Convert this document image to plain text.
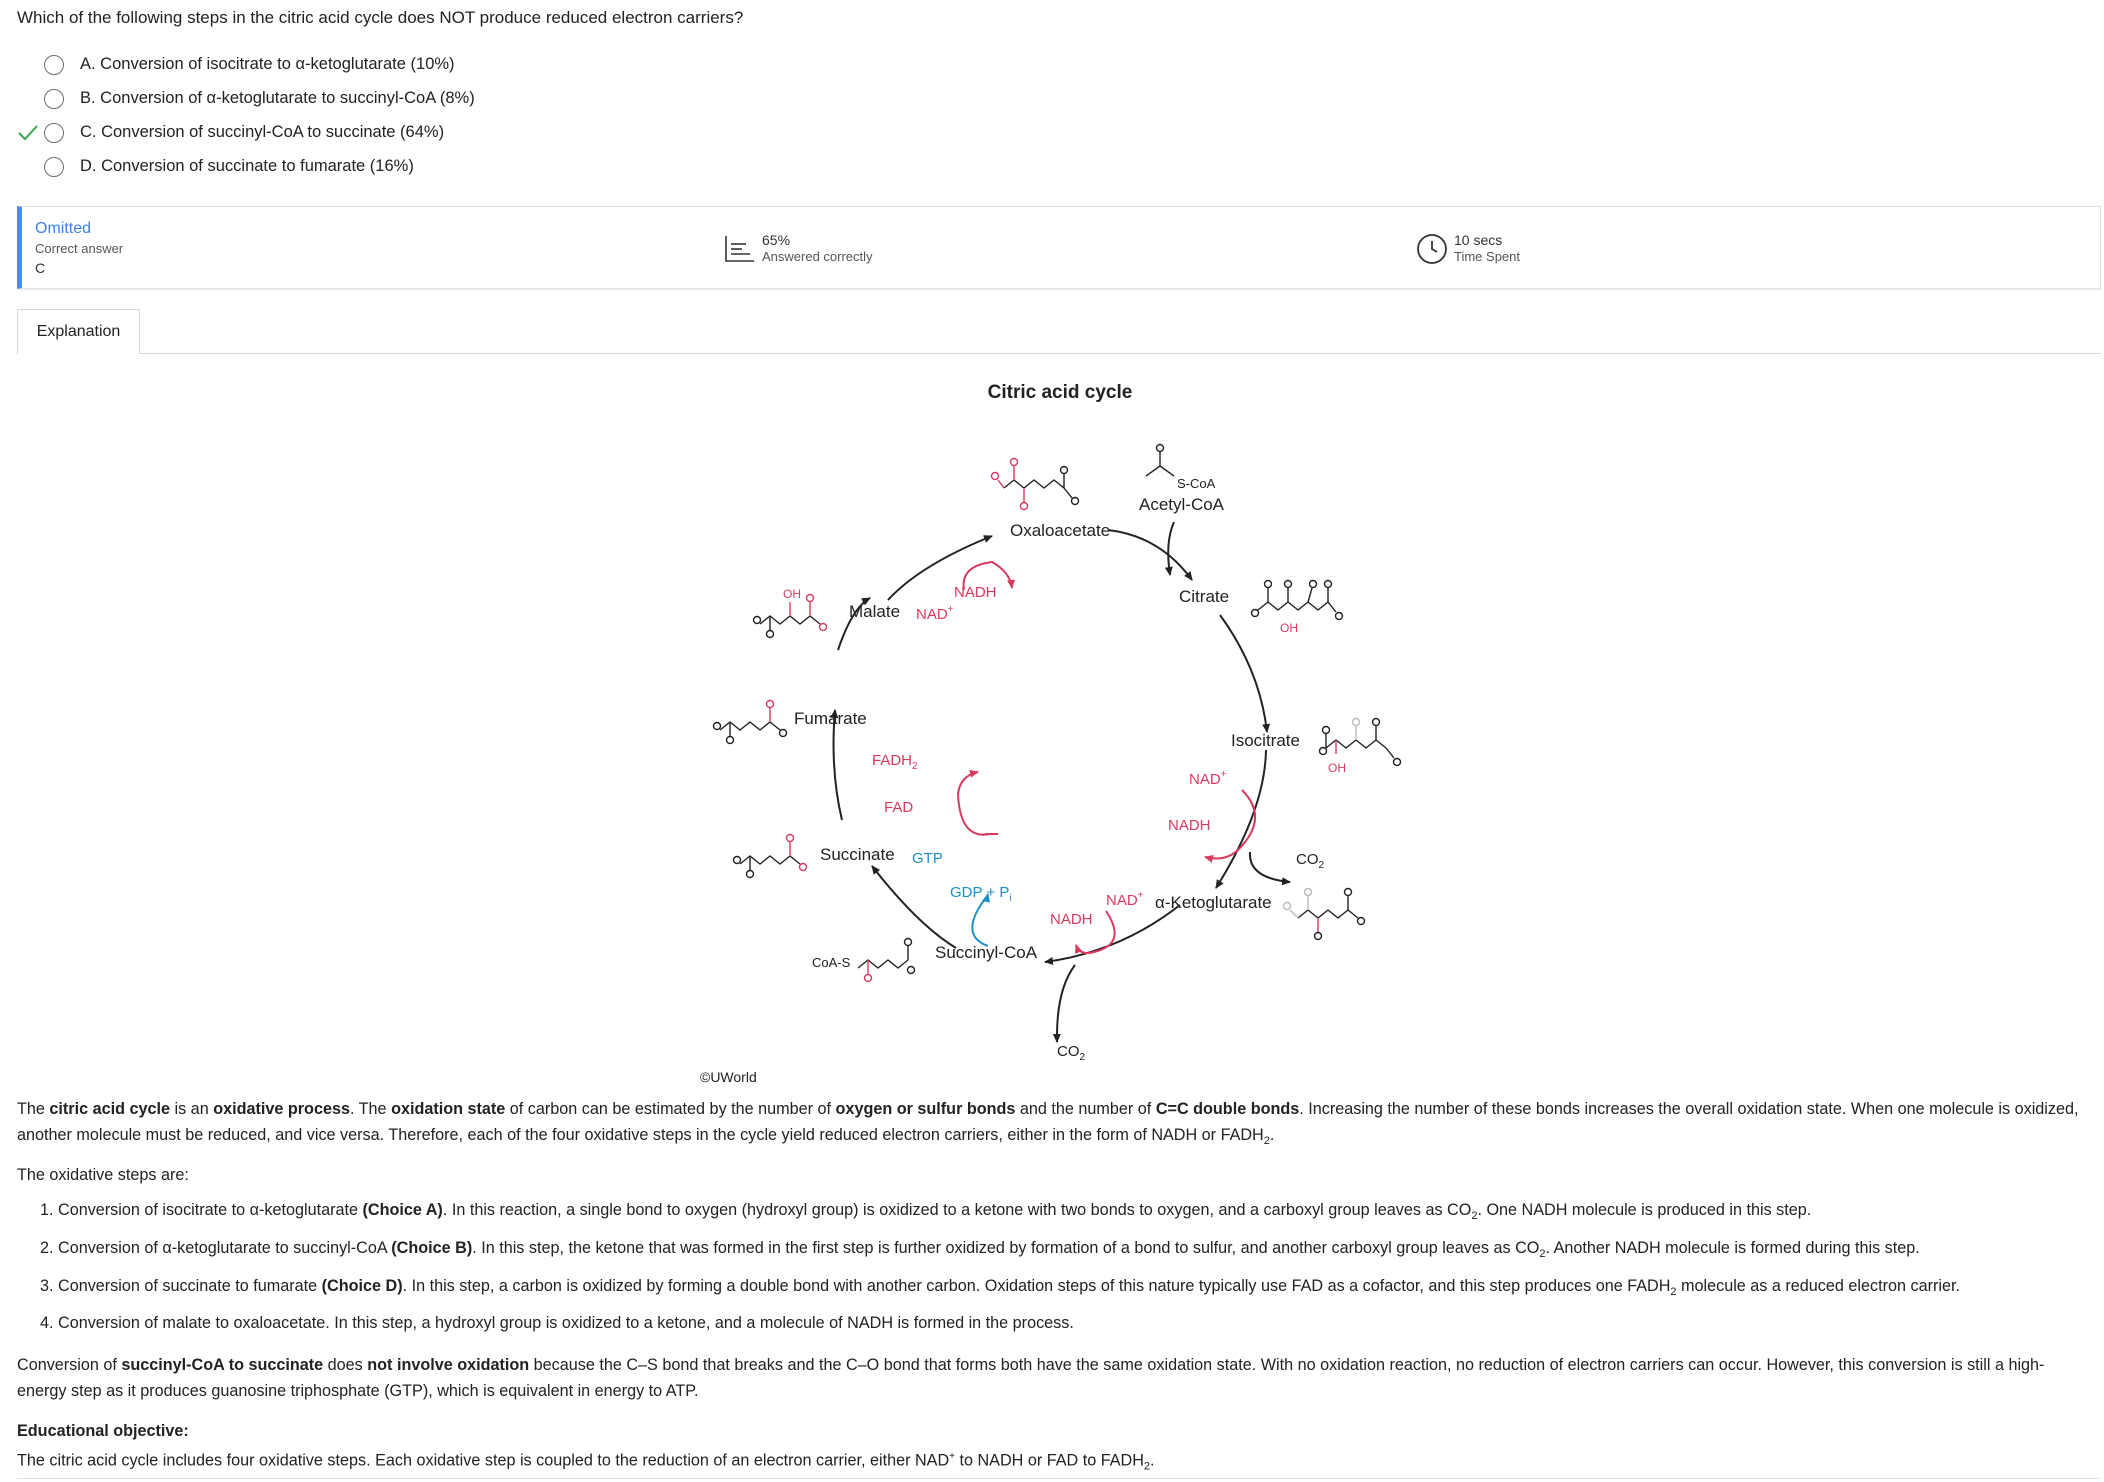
Which of the following steps in the citric acid cycle does NOT produce reduced electron carriers?
A. Conversion of isocitrate to α-ketoglutarate (10%)
B. Conversion of α-ketoglutarate to succinyl-CoA (8%)
C. Conversion of succinyl-CoA to succinate (64%)
D. Conversion of succinate to fumarate (16%)
Omitted
Correct answer
C
65%
Answered correctly
10 secs
Time Spent
Explanation
Citric acid cycle
Oxaloacetate
Acetyl-CoA
Citrate
Isocitrate
α-Ketoglutarate
Succinyl-CoA
Succinate
Fumarate
Malate
S-CoA
CoA-S
NAD+
NADH
$CO_2$
NAD+
NADH
$CO_2$
GTP
GDP + $P_i$
$FADH_2$
FAD
NAD+
NADH
OH
OH
OH
©UWorld

The citric acid cycle is an oxidative process. The oxidation state of carbon can be estimated by the number of oxygen or sulfur bonds and the number of C=C double bonds. Increasing the number of these bonds increases the overall oxidation state. When one molecule is oxidized, another molecule must be reduced, and vice versa. Therefore, each of the four oxidative steps in the cycle yield reduced electron carriers, either in the form of NADH or $FADH_2$.

The oxidative steps are:

1. Conversion of isocitrate to α-ketoglutarate (Choice A). In this reaction, a single bond to oxygen (hydroxyl group) is oxidized to a ketone with two bonds to oxygen, and a carboxyl group leaves as $CO_2$. One NADH molecule is produced in this step.
2. Conversion of α-ketoglutarate to succinyl-CoA (Choice B). In this step, the ketone that was formed in the first step is further oxidized by formation of a bond to sulfur, and another carboxyl group leaves as $CO_2$. Another NADH molecule is formed during this step.
3. Conversion of succinate to fumarate (Choice D). In this step, a carbon is oxidized by forming a double bond with another carbon. Oxidation steps of this nature typically use FAD as a cofactor, and this step produces one $FADH_2$ molecule as a reduced electron carrier.
4. Conversion of malate to oxaloacetate. In this step, a hydroxyl group is oxidized to a ketone, and a molecule of NADH is formed in the process.

Conversion of succinyl-CoA to succinate does not involve oxidation because the C–S bond that breaks and the C–O bond that forms both have the same oxidation state. With no oxidation reaction, no reduction of electron carriers can occur. However, this conversion is still a high-energy step as it produces guanosine triphosphate (GTP), which is equivalent in energy to ATP.

Educational objective:

The citric acid cycle includes four oxidative steps. Each oxidative step is coupled to the reduction of an electron carrier, either NAD+ to NADH or FAD to $FADH_2$.
